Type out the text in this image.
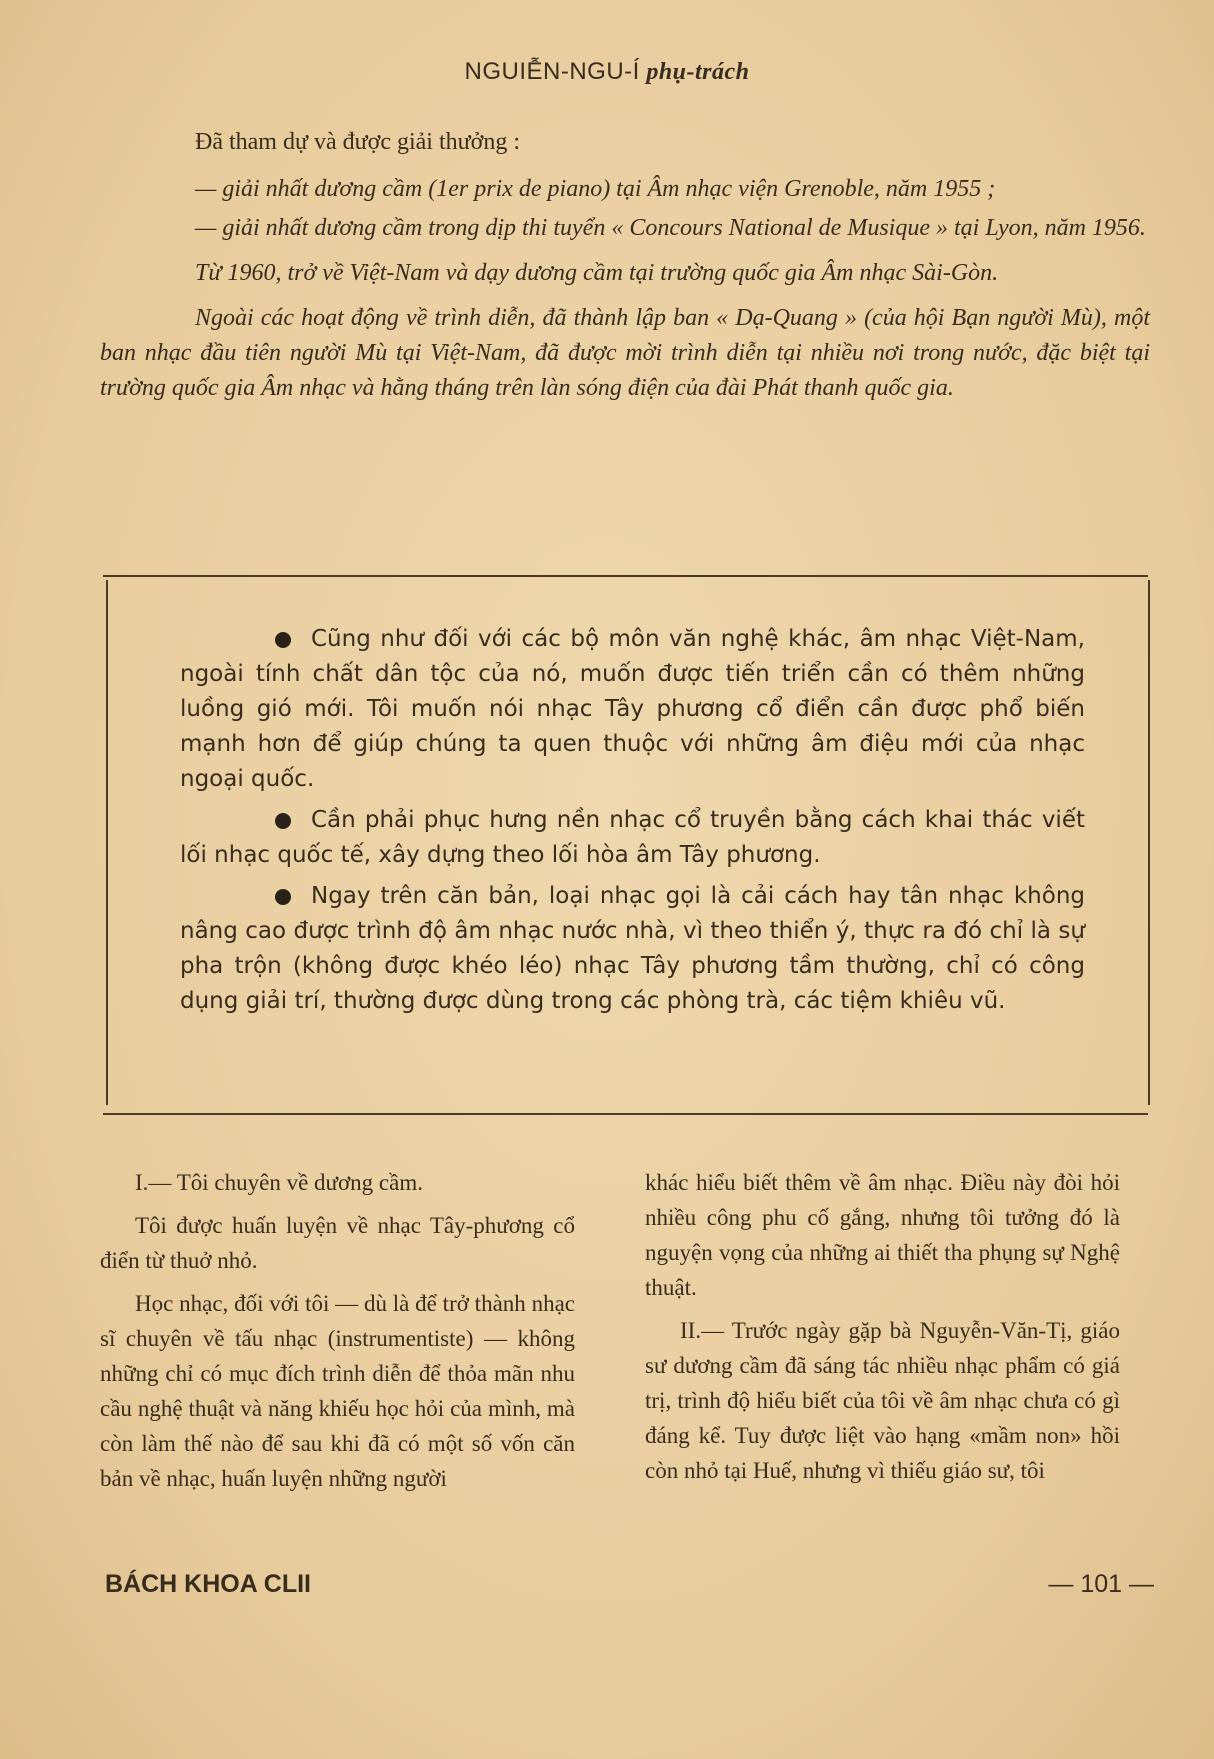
NGUIỄN-NGU-Í phụ-trách

Đã tham dự và được giải thưởng :

— giải nhất dương cầm (1er prix de piano) tại Âm nhạc viện Grenoble, năm 1955 ;

— giải nhất dương cầm trong dịp thi tuyển « Concours National de Musique » tại Lyon, năm 1956.

Từ 1960, trở về Việt-Nam và dạy dương cầm tại trường quốc gia Âm nhạc Sài-Gòn.

Ngoài các hoạt động về trình diễn, đã thành lập ban « Dạ-Quang » (của hội Bạn người Mù), một ban nhạc đầu tiên người Mù tại Việt-Nam, đã được mời trình diễn tại nhiều nơi trong nước, đặc biệt tại trường quốc gia Âm nhạc và hằng tháng trên làn sóng điện của đài Phát thanh quốc gia.

Cũng như đối với các bộ môn văn nghệ khác, âm nhạc Việt-Nam, ngoài tính chất dân tộc của nó, muốn được tiến triển cần có thêm những luồng gió mới. Tôi muốn nói nhạc Tây phương cổ điển cần được phổ biến mạnh hơn để giúp chúng ta quen thuộc với những âm điệu mới của nhạc ngoại quốc.

Cần phải phục hưng nền nhạc cổ truyền bằng cách khai thác viết lối nhạc quốc tế, xây dựng theo lối hòa âm Tây phương.

Ngay trên căn bản, loại nhạc gọi là cải cách hay tân nhạc không nâng cao được trình độ âm nhạc nước nhà, vì theo thiển ý, thực ra đó chỉ là sự pha trộn (không được khéo léo) nhạc Tây phương tầm thường, chỉ có công dụng giải trí, thường được dùng trong các phòng trà, các tiệm khiêu vũ.

I.— Tôi chuyên về dương cầm.

Tôi được huấn luyện về nhạc Tây-phương cổ điển từ thuở nhỏ.

Học nhạc, đối với tôi — dù là để trở thành nhạc sĩ chuyên về tấu nhạc (instrumentiste) — không những chỉ có mục đích trình diễn để thỏa mãn nhu cầu nghệ thuật và năng khiếu học hỏi của mình, mà còn làm thế nào để sau khi đã có một số vốn căn bản về nhạc, huấn luyện những người

khác hiểu biết thêm về âm nhạc. Điều này đòi hỏi nhiều công phu cố gắng, nhưng tôi tưởng đó là nguyện vọng của những ai thiết tha phụng sự Nghệ thuật.

II.— Trước ngày gặp bà Nguyễn-Văn-Tị, giáo sư dương cầm đã sáng tác nhiều nhạc phẩm có giá trị, trình độ hiểu biết của tôi về âm nhạc chưa có gì đáng kể. Tuy được liệt vào hạng «mầm non» hồi còn nhỏ tại Huế, nhưng vì thiếu giáo sư, tôi

BÁCH KHOA CLII	— 101 —
